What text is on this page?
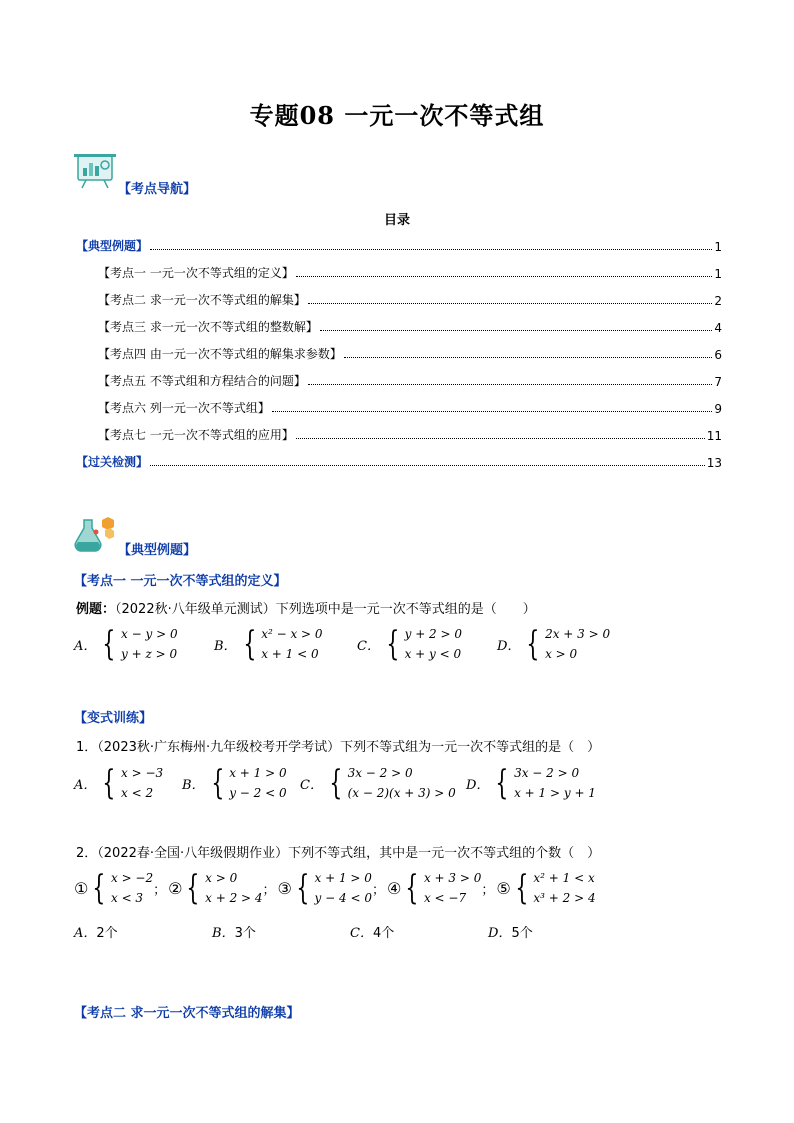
专题08 一元一次不等式组
【考点导航】
目录
【典型例题】	1
【考点一 一元一次不等式组的定义】	1
【考点二 求一元一次不等式组的解集】	2
【考点三 求一元一次不等式组的整数解】	4
【考点四 由一元一次不等式组的解集求参数】	6
【考点五 不等式组和方程结合的问题】	7
【考点六 列一元一次不等式组】	9
【考点七 一元一次不等式组的应用】	11
【过关检测】	13
【典型例题】
【考点一 一元一次不等式组的定义】
例题：（2022秋·八年级单元测试）下列选项中是一元一次不等式组的是（　　）
A． { x − y > 0
y + z > 0
B． { x² − x > 0
x + 1 < 0
C． { y + 2 > 0
x + y < 0
D． { 2x + 3 > 0
x > 0
【变式训练】
1．（2023秋·广东梅州·九年级校考开学考试）下列不等式组为一元一次不等式组的是（　）
A． { x > −3
x < 2
B． { x + 1 > 0
y − 2 < 0
C． { 3x − 2 > 0
(x − 2)(x + 3) > 0
D． { 3x − 2 > 0
x + 1 > y + 1
2．（2022春·全国·八年级假期作业）下列不等式组，其中是一元一次不等式组的个数（　）
① { x > −2
x < 3
； ② { x > 0
x + 2 > 4
； ③ { x + 1 > 0
y − 4 < 0
； ④ { x + 3 > 0
x < −7
； ⑤ { x² + 1 < x
x³ + 2 > 4
A．2个	B．3个	C．4个	D．5个
【考点二 求一元一次不等式组的解集】
